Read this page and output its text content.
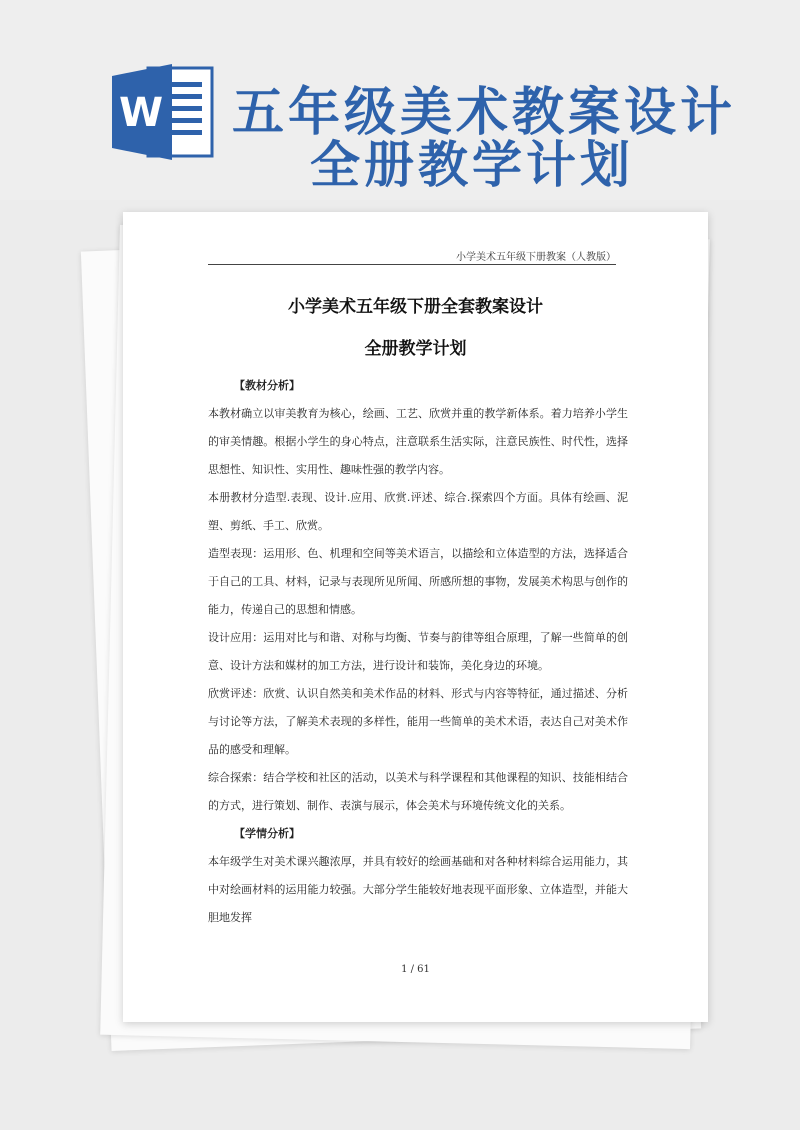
W 五年级美术教案设计
全册教学计划
小学美术五年级下册教案（人教版）
小学美术五年级下册全套教案设计
全册教学计划

【教材分析】

本教材确立以审美教育为核心，绘画、工艺、欣赏并重的教学新体系。着力培养小学生的审美情趣。根据小学生的身心特点，注意联系生活实际，注意民族性、时代性，选择思想性、知识性、实用性、趣味性强的教学内容。

本册教材分造型.表现、设计.应用、欣赏.评述、综合.探索四个方面。具体有绘画、泥塑、剪纸、手工、欣赏。

造型表现：运用形、色、机理和空间等美术语言，以描绘和立体造型的方法，选择适合于自己的工具、材料，记录与表现所见所闻、所感所想的事物，发展美术构思与创作的能力，传递自己的思想和情感。

设计应用：运用对比与和谐、对称与均衡、节奏与韵律等组合原理，了解一些简单的创意、设计方法和媒材的加工方法，进行设计和装饰，美化身边的环境。

欣赏评述：欣赏、认识自然美和美术作品的材料、形式与内容等特征，通过描述、分析与讨论等方法，了解美术表现的多样性，能用一些简单的美术术语，表达自己对美术作品的感受和理解。

综合探索：结合学校和社区的活动，以美术与科学课程和其他课程的知识、技能相结合的方式，进行策划、制作、表演与展示，体会美术与环境传统文化的关系。

【学情分析】

本年级学生对美术课兴趣浓厚，并具有较好的绘画基础和对各种材料综合运用能力，其中对绘画材料的运用能力较强。大部分学生能较好地表现平面形象、立体造型，并能大胆地发挥

1 / 61
